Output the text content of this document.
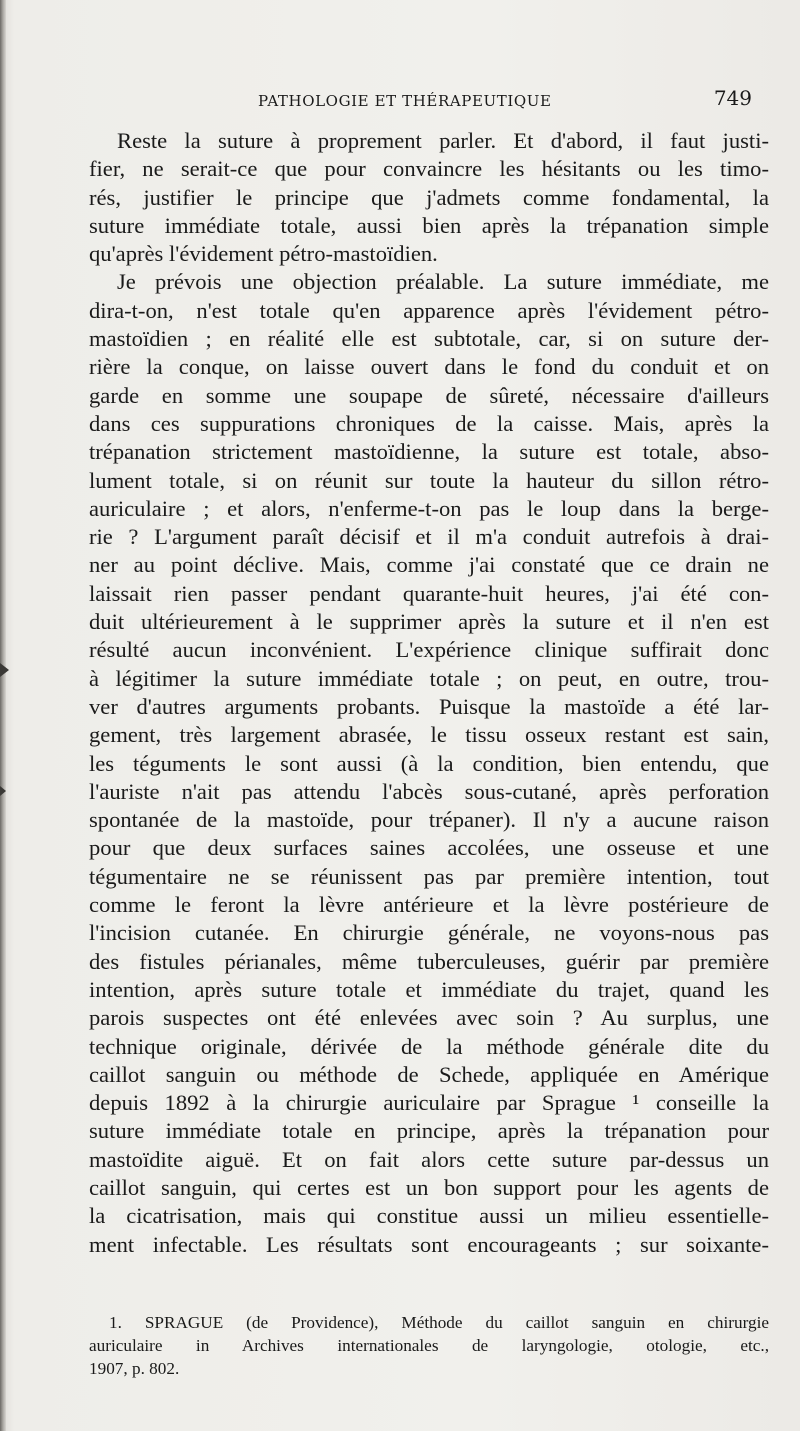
PATHOLOGIE ET THÉRAPEUTIQUE	749
Reste la suture à proprement parler. Et d'abord, il faut justi-
fier, ne serait-ce que pour convaincre les hésitants ou les timo-
rés, justifier le principe que j'admets comme fondamental, la
suture immédiate totale, aussi bien après la trépanation simple
qu'après l'évidement pétro-mastoïdien.
Je prévois une objection préalable. La suture immédiate, me
dira-t-on, n'est totale qu'en apparence après l'évidement pétro-
mastoïdien ; en réalité elle est subtotale, car, si on suture der-
rière la conque, on laisse ouvert dans le fond du conduit et on
garde en somme une soupape de sûreté, nécessaire d'ailleurs
dans ces suppurations chroniques de la caisse. Mais, après la
trépanation strictement mastoïdienne, la suture est totale, abso-
lument totale, si on réunit sur toute la hauteur du sillon rétro-
auriculaire ; et alors, n'enferme-t-on pas le loup dans la berge-
rie ? L'argument paraît décisif et il m'a conduit autrefois à drai-
ner au point déclive. Mais, comme j'ai constaté que ce drain ne
laissait rien passer pendant quarante-huit heures, j'ai été con-
duit ultérieurement à le supprimer après la suture et il n'en est
résulté aucun inconvénient. L'expérience clinique suffirait donc
à légitimer la suture immédiate totale ; on peut, en outre, trou-
ver d'autres arguments probants. Puisque la mastoïde a été lar-
gement, très largement abrasée, le tissu osseux restant est sain,
les téguments le sont aussi (à la condition, bien entendu, que
l'auriste n'ait pas attendu l'abcès sous-cutané, après perforation
spontanée de la mastoïde, pour trépaner). Il n'y a aucune raison
pour que deux surfaces saines accolées, une osseuse et une
tégumentaire ne se réunissent pas par première intention, tout
comme le feront la lèvre antérieure et la lèvre postérieure de
l'incision cutanée. En chirurgie générale, ne voyons-nous pas
des fistules périanales, même tuberculeuses, guérir par première
intention, après suture totale et immédiate du trajet, quand les
parois suspectes ont été enlevées avec soin ? Au surplus, une
technique originale, dérivée de la méthode générale dite du
caillot sanguin ou méthode de Schede, appliquée en Amérique
depuis 1892 à la chirurgie auriculaire par Sprague ¹ conseille la
suture immédiate totale en principe, après la trépanation pour
mastoïdite aiguë. Et on fait alors cette suture par-dessus un
caillot sanguin, qui certes est un bon support pour les agents de
la cicatrisation, mais qui constitue aussi un milieu essentielle-
ment infectable. Les résultats sont encourageants ; sur soixante-
1. SPRAGUE (de Providence), Méthode du caillot sanguin en chirurgie
auriculaire in Archives internationales de laryngologie, otologie, etc.,
1907, p. 802.
